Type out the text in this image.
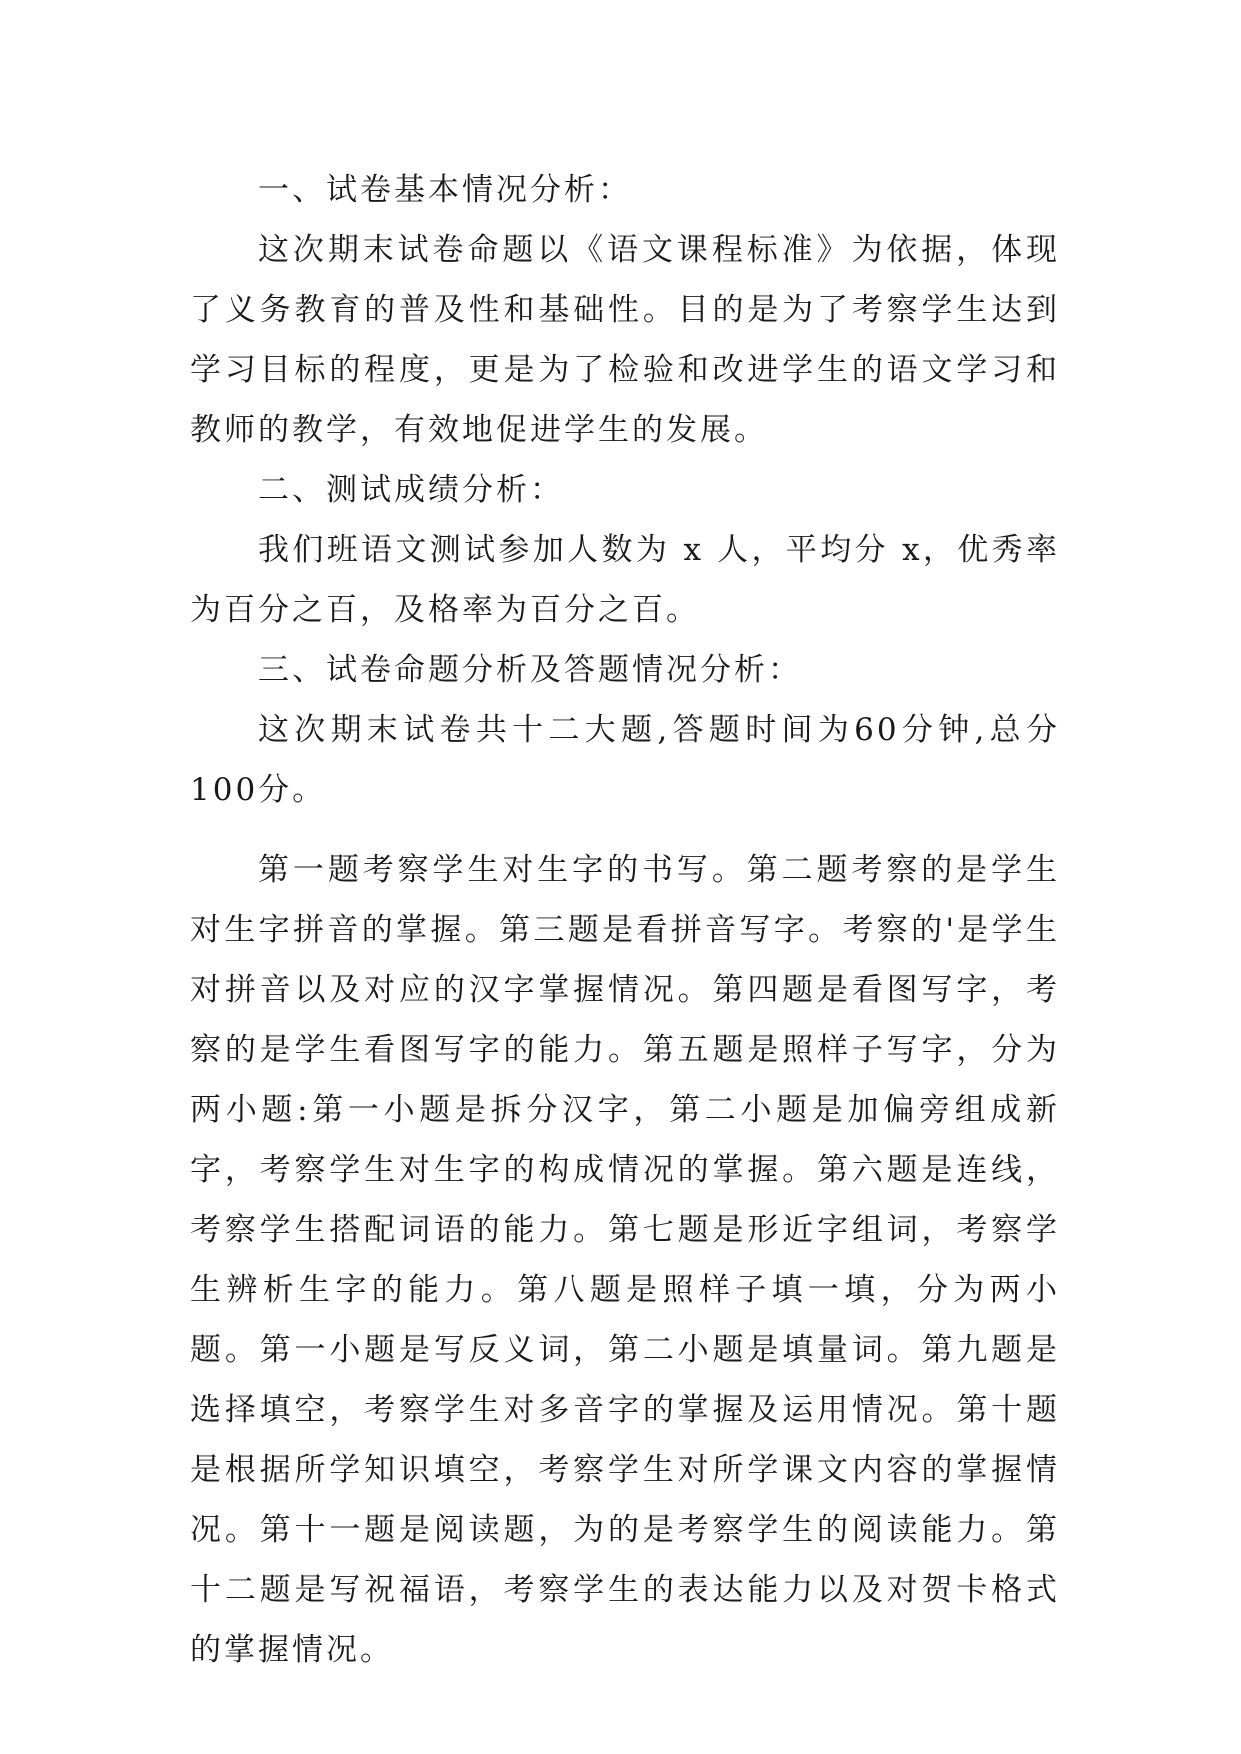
一、试卷基本情况分析：

这次期末试卷命题以《语文课程标准》为依据，体现了义务教育的普及性和基础性。目的是为了考察学生达到学习目标的程度，更是为了检验和改进学生的语文学习和教师的教学，有效地促进学生的发展。

二、测试成绩分析：

我们班语文测试参加人数为 x 人，平均分 x，优秀率为百分之百，及格率为百分之百。

三、试卷命题分析及答题情况分析：

这次期末试卷共十二大题,答题时间为60分钟,总分100分。

第一题考察学生对生字的书写。第二题考察的是学生对生字拼音的掌握。第三题是看拼音写字。考察的'是学生对拼音以及对应的汉字掌握情况。第四题是看图写字，考察的是学生看图写字的能力。第五题是照样子写字，分为两小题:第一小题是拆分汉字，第二小题是加偏旁组成新字，考察学生对生字的构成情况的掌握。第六题是连线，考察学生搭配词语的能力。第七题是形近字组词，考察学生辨析生字的能力。第八题是照样子填一填，分为两小题。第一小题是写反义词，第二小题是填量词。第九题是选择填空，考察学生对多音字的掌握及运用情况。第十题是根据所学知识填空，考察学生对所学课文内容的掌握情况。第十一题是阅读题，为的是考察学生的阅读能力。第十二题是写祝福语，考察学生的表达能力以及对贺卡格式的掌握情况。
